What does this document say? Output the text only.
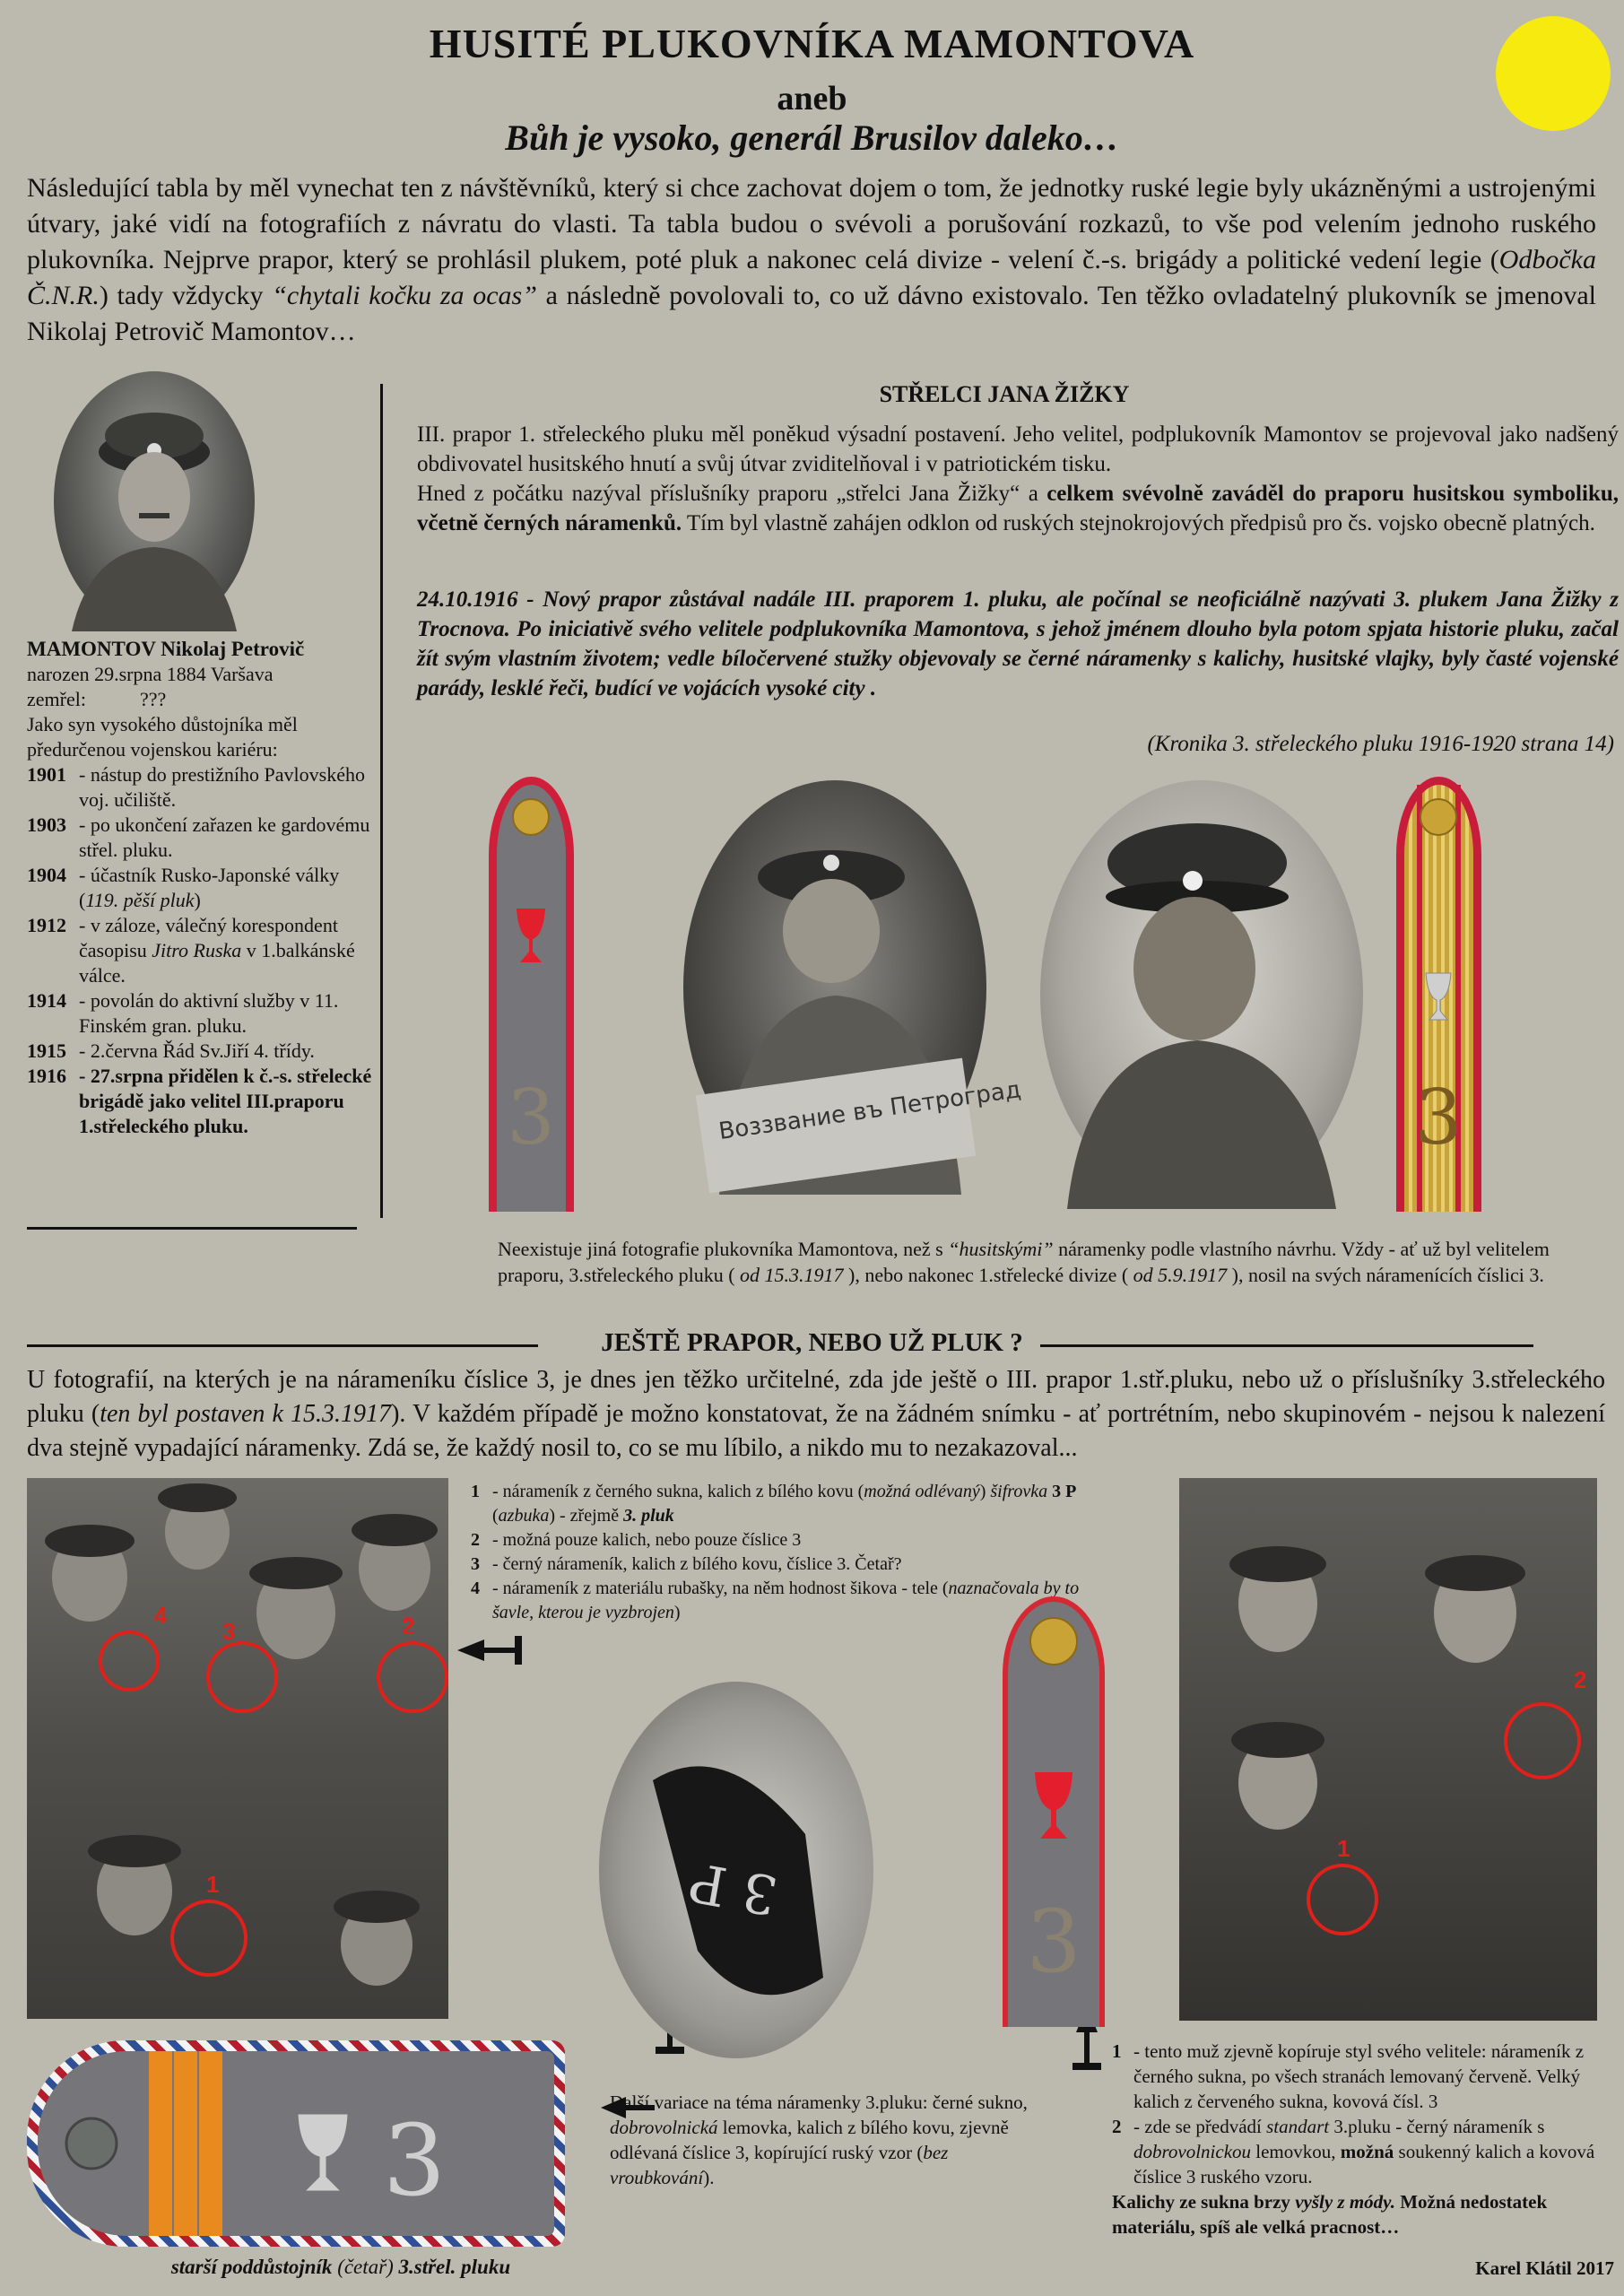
HUSITÉ PLUKOVNÍKA MAMONTOVA
aneb
Bůh je vysoko, generál Brusilov daleko…
Následující tabla by měl vynechat ten z návštěvníků, který si chce zachovat dojem o tom, že jednotky ruské legie byly ukázněnými a ustrojenými útvary, jaké vidí na fotografiích z návratu do vlasti. Ta tabla budou o svévoli a porušování rozkazů, to vše pod velením jednoho ruského plukovníka. Nejprve prapor, který se prohlásil plukem, poté pluk a nakonec celá divize - velení č.-s. brigády a politické vedení legie (Odbočka Č.N.R.) tady vždycky “chytali kočku za ocas” a následně povolovali to, co už dávno existovalo. Ten těžko ovladatelný plukovník se jmenoval Nikolaj Petrovič Mamontov…
MAMONTOV Nikolaj Petrovič
narozen 29.srpna 1884 Varšava
zemřel:	???
Jako syn vysokého důstojníka měl předurčenou vojenskou kariéru:
1901 - nástup do prestižního Pavlovského voj. učiliště.
1903 - po ukončení zařazen ke gardovému střel. pluku.
1904 - účastník Rusko-Japonské války (119. pěší pluk)
1912 - v záloze, válečný korespondent časopisu Jitro Ruska v 1.balkánské válce.
1914 - povolán do aktivní služby v 11. Finském gran. pluku.
1915 - 2.června Řád Sv.Jiří 4. třídy.
1916 - 27.srpna přidělen k č.-s. střelecké brigádě jako velitel III.praporu 1.střeleckého pluku.
STŘELCI JANA ŽIŽKY
III. prapor 1. střeleckého pluku měl poněkud výsadní postavení. Jeho velitel, podplukovník Mamontov se projevoval jako nadšený obdivovatel husitského hnutí a svůj útvar zviditelňoval i v patriotickém tisku.
Hned z počátku nazýval příslušníky praporu „střelci Jana Žižky“ a celkem svévolně zaváděl do praporu husitskou symboliku, včetně černých náramenků. Tím byl vlastně zahájen odklon od ruských stejnokrojových předpisů pro čs. vojsko obecně platných.
24.10.1916 - Nový prapor zůstával nadále III. praporem 1. pluku, ale počínal se neoficiálně nazývati 3. plukem Jana Žižky z Trocnova. Po iniciativě svého velitele podplukovníka Mamontova, s jehož jménem dlouho byla potom spjata historie pluku, začal žít svým vlastním životem; vedle bíločervené stužky objevovaly se černé náramenky s kalichy, husitské vlajky, byly časté vojenské parády, lesklé řeči, budící ve vojácích vysoké city .
(Kronika 3. střeleckého pluku 1916-1920 strana 14)
3	Воззвание въ Петроград	3
Neexistuje jiná fotografie plukovníka Mamontova, než s “husitskými” náramenky podle vlastního návrhu. Vždy - ať už byl velitelem praporu, 3.střeleckého pluku ( od 15.3.1917 ), nebo nakonec 1.střelecké divize ( od 5.9.1917 ), nosil na svých náramenících číslici 3.
JEŠTĚ PRAPOR, NEBO UŽ PLUK ?
U fotografií, na kterých je na nárameníku číslice 3, je dnes jen těžko určitelné, zda jde ještě o III. prapor 1.stř.pluku, nebo už o příslušníky 3.střeleckého pluku (ten byl postaven k 15.3.1917). V každém případě je možno konstatovat, že na žádném snímku - ať portrétním, nebo skupinovém - nejsou k nalezení dva stejně vypadající náramenky. Zdá se, že každý nosil to, co se mu líbilo, a nikdo mu to nezakazoval...
4
3	2
1
1 - nárameník z černého sukna, kalich z bílého kovu (možná odlévaný) šifrovka 3 Р (azbuka) - zřejmě 3. pluk
2 - možná pouze kalich, nebo pouze číslice 3
3 - černý nárameník, kalich z bílého kovu, číslice 3. Četař?
4 - nárameník z materiálu rubašky, na něm hodnost šikova - tele (naznačovala by to šavle, kterou je vyzbrojen)
3 Р
3
2
1
3
Další variace na téma náramenky 3.pluku: černé sukno, dobrovolnická lemovka, kalich z bílého kovu, zjevně odlévaná číslice 3, kopírující ruský vzor (bez vroubkování).
1 - tento muž zjevně kopíruje styl svého velitele: nárameník z černého sukna, po všech stranách lemovaný červeně. Velký kalich z červeného sukna, kovová čísl. 3
2 - zde se předvádí standart 3.pluku - černý nárameník s dobrovolnickou lemovkou, možná soukenný kalich a kovová číslice 3 ruského vzoru.
Kalichy ze sukna brzy vyšly z módy. Možná nedostatek materiálu, spíš ale velká pracnost…
starší poddůstojník (četař) 3.střel. pluku	Karel Klátil 2017
